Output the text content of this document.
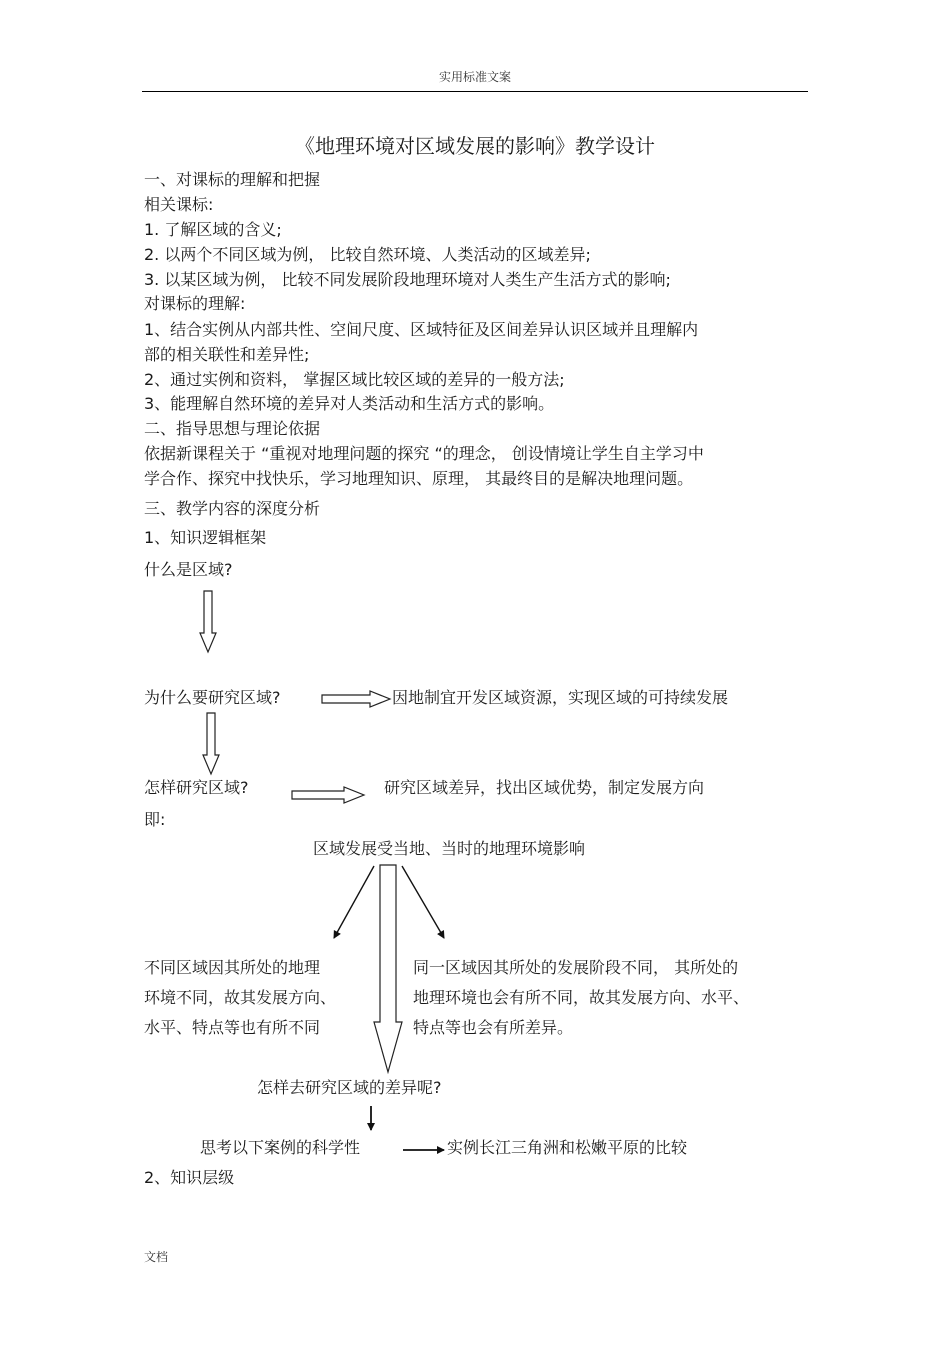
实用标准文案
《地理环境对区域发展的影响》教学设计
一、对课标的理解和把握
相关课标:
1. 了解区域的含义;
2. 以两个不同区域为例， 比较自然环境、人类活动的区域差异;
3. 以某区域为例， 比较不同发展阶段地理环境对人类生产生活方式的影响;
对课标的理解:
1、结合实例从内部共性、空间尺度、区域特征及区间差异认识区域并且理解内
部的相关联性和差异性;
2、通过实例和资料， 掌握区域比较区域的差异的一般方法;
3、能理解自然环境的差异对人类活动和生活方式的影响。
二、指导思想与理论依据
依据新课程关于 “重视对地理问题的探究 “的理念， 创设情境让学生自主学习中
学合作、探究中找快乐，学习地理知识、原理， 其最终目的是解决地理问题。
三、教学内容的深度分析
1、知识逻辑框架
什么是区域?
为什么要研究区域?	因地制宜开发区域资源，实现区域的可持续发展
怎样研究区域?	研究区域差异，找出区域优势，制定发展方向
即:
区域发展受当地、当时的地理环境影响
不同区域因其所处的地理
环境不同，故其发展方向、
水平、特点等也有所不同
同一区域因其所处的发展阶段不同， 其所处的
地理环境也会有所不同，故其发展方向、水平、
特点等也会有所差异。
怎样去研究区域的差异呢?
思考以下案例的科学性	实例长江三角洲和松嫩平原的比较
2、知识层级
文档
